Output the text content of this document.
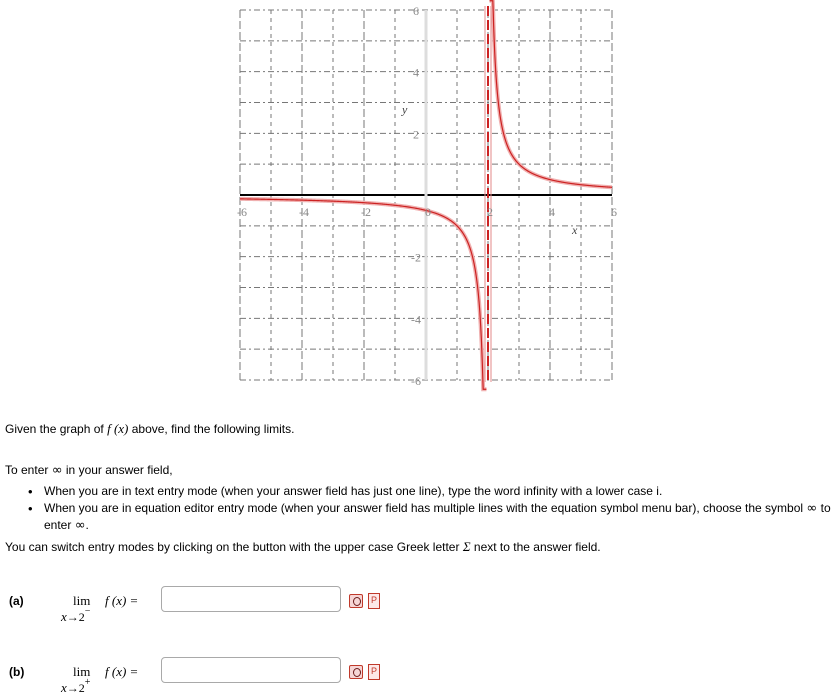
-6	-4	-2	0	2	4	6
6
4
2
-2
-4
-6
x
y
Given the graph of f (x) above, find the following limits.
To enter ∞ in your answer field,
• When you are in text entry mode (when your answer field has just one line), type the word infinity with a lower case i.
• When you are in equation editor entry mode (when your answer field has multiple lines with the equation symbol menu bar), choose the symbol ∞ to enter ∞.
You can switch entry modes by clicking on the button with the upper case Greek letter Σ next to the answer field.
(a)	lim
x→2−
f (x) =
P
(b)	lim
x→2+
f (x) =
P
